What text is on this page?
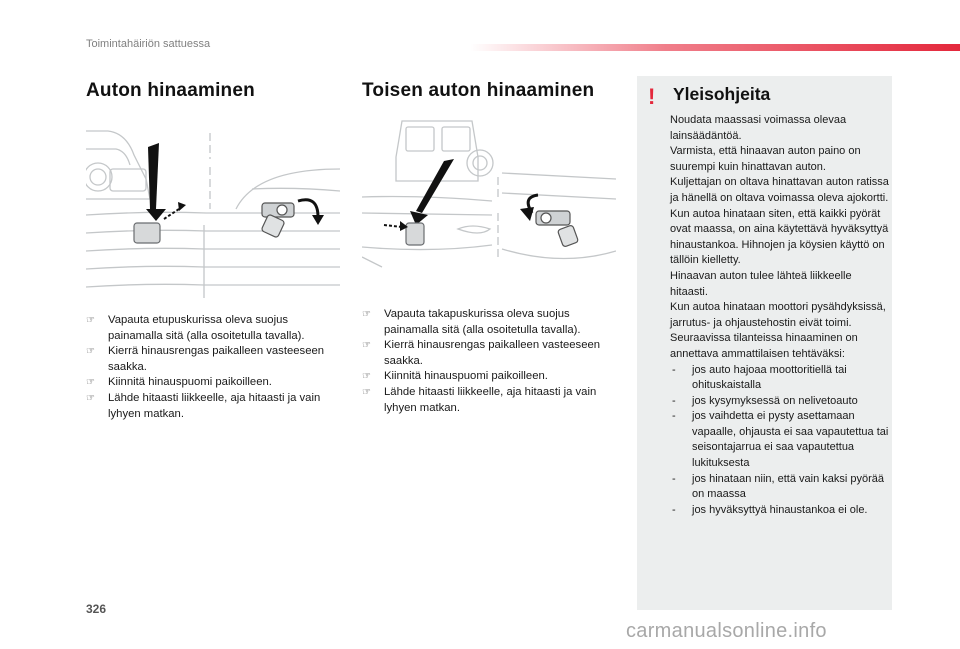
Toimintahäiriön sattuessa
Auton hinaaminen
☞ Vapauta etupuskurissa oleva suojus painamalla sitä (alla osoitetulla tavalla).
☞ Kierrä hinausrengas paikalleen vasteeseen saakka.
☞ Kiinnitä hinauspuomi paikoilleen.
☞ Lähde hitaasti liikkeelle, aja hitaasti ja vain lyhyen matkan.
Toisen auton hinaaminen
☞ Vapauta takapuskurissa oleva suojus painamalla sitä (alla osoitetulla tavalla).
☞ Kierrä hinausrengas paikalleen vasteeseen saakka.
☞ Kiinnitä hinauspuomi paikoilleen.
☞ Lähde hitaasti liikkeelle, aja hitaasti ja vain lyhyen matkan.
! Yleisohjeita

Noudata maassasi voimassa olevaa lainsäädäntöä.

Varmista, että hinaavan auton paino on suurempi kuin hinattavan auton.

Kuljettajan on oltava hinattavan auton ratissa ja hänellä on oltava voimassa oleva ajokortti.

Kun autoa hinataan siten, että kaikki pyörät ovat maassa, on aina käytettävä hyväksyttyä hinaustankoa. Hihnojen ja köysien käyttö on tällöin kielletty.

Hinaavan auton tulee lähteä liikkeelle hitaasti.

Kun autoa hinataan moottori pysähdyksissä, jarrutus- ja ohjaustehostin eivät toimi.

Seuraavissa tilanteissa hinaaminen on annettava ammattilaisen tehtäväksi:

- jos auto hajoaa moottoritiellä tai ohituskaistalla
- jos kysymyksessä on nelivetoauto
- jos vaihdetta ei pysty asettamaan vapaalle, ohjausta ei saa vapautettua tai seisontajarrua ei saa vapautettua lukituksesta
- jos hinataan niin, että vain kaksi pyörää on maassa
- jos hyväksyttyä hinaustankoa ei ole.
326
carmanualsonline.info
